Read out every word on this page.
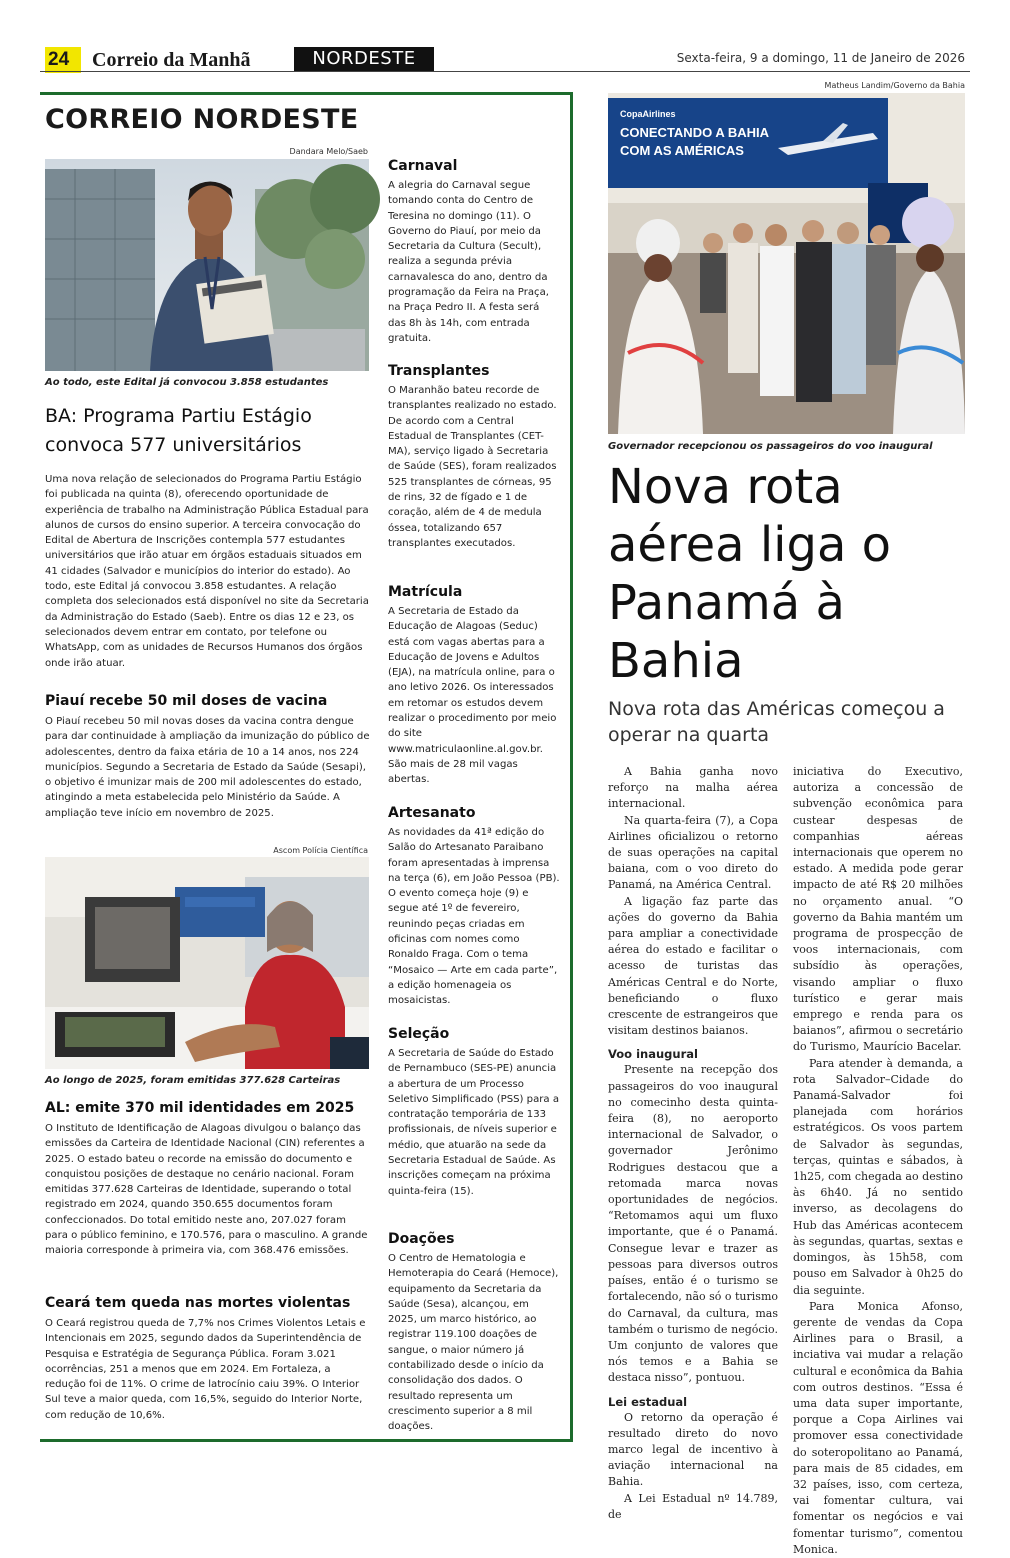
24	Correio da Manhã	NORDESTE	Sexta-feira, 9 a domingo, 11 de Janeiro de 2026
CORREIO NORDESTE
Dandara Melo/Saeb
Ao todo, este Edital já convocou 3.858 estudantes
BA: Programa Partiu Estágio convoca 577 universitários
Uma nova relação de selecionados do Programa Partiu Estágio foi publicada na quinta (8), oferecendo oportunidade de experiência de trabalho na Administração Pública Estadual para alunos de cursos do ensino superior. A terceira convocação do Edital de Abertura de Inscrições contempla 577 estudantes universitários que irão atuar em órgãos estaduais situados em 41 cidades (Salvador e municípios do interior do estado). Ao todo, este Edital já convocou 3.858 estudantes. A relação completa dos selecionados está disponível no site da Secretaria da Administração do Estado (Saeb). Entre os dias 12 e 23, os selecionados devem entrar em contato, por telefone ou WhatsApp, com as unidades de Recursos Humanos dos órgãos onde irão atuar.
Piauí recebe 50 mil doses de vacina
O Piauí recebeu 50 mil novas doses da vacina contra dengue para dar continuidade à ampliação da imunização do público de adolescentes, dentro da faixa etária de 10 a 14 anos, nos 224 municípios. Segundo a Secretaria de Estado da Saúde (Sesapi), o objetivo é imunizar mais de 200 mil adolescentes do estado, atingindo a meta estabelecida pelo Ministério da Saúde. A ampliação teve início em novembro de 2025.
Ascom Polícia Científica
Ao longo de 2025, foram emitidas 377.628 Carteiras
AL: emite 370 mil identidades em 2025
O Instituto de Identificação de Alagoas divulgou o balanço das emissões da Carteira de Identidade Nacional (CIN) referentes a 2025. O estado bateu o recorde na emissão do documento e conquistou posições de destaque no cenário nacional. Foram emitidas 377.628 Carteiras de Identidade, superando o total registrado em 2024, quando 350.655 documentos foram confeccionados. Do total emitido neste ano, 207.027 foram para o público feminino, e 170.576, para o masculino. A grande maioria corresponde à primeira via, com 368.476 emissões.
Ceará tem queda nas mortes violentas
O Ceará registrou queda de 7,7% nos Crimes Violentos Letais e Intencionais em 2025, segundo dados da Superintendência de Pesquisa e Estratégia de Segurança Pública. Foram 3.021 ocorrências, 251 a menos que em 2024. Em Fortaleza, a redução foi de 11%. O crime de latrocínio caiu 39%. O Interior Sul teve a maior queda, com 16,5%, seguido do Interior Norte, com redução de 10,6%.
Carnaval
A alegria do Carnaval segue tomando conta do Centro de Teresina no domingo (11). O Governo do Piauí, por meio da Secretaria da Cultura (Secult), realiza a segunda prévia carnavalesca do ano, dentro da programação da Feira na Praça, na Praça Pedro II. A festa será das 8h às 14h, com entrada gratuita.
Transplantes
O Maranhão bateu recorde de transplantes realizado no estado. De acordo com a Central Estadual de Transplantes (CET-MA), serviço ligado à Secretaria de Saúde (SES), foram realizados 525 transplantes de córneas, 95 de rins, 32 de fígado e 1 de coração, além de 4 de medula óssea, totalizando 657 transplantes executados.
Matrícula
A Secretaria de Estado da Educação de Alagoas (Seduc) está com vagas abertas para a Educação de Jovens e Adultos (EJA), na matrícula online, para o ano letivo 2026. Os interessados em retomar os estudos devem realizar o procedimento por meio do site www.matriculaonline.al.gov.br. São mais de 28 mil vagas abertas.
Artesanato
As novidades da 41ª edição do Salão do Artesanato Paraibano foram apresentadas à imprensa na terça (6), em João Pessoa (PB). O evento começa hoje (9) e segue até 1º de fevereiro, reunindo peças criadas em oficinas com nomes como Ronaldo Fraga. Com o tema “Mosaico — Arte em cada parte”, a edição homenageia os mosaicistas.
Seleção
A Secretaria de Saúde do Estado de Pernambuco (SES-PE) anuncia a abertura de um Processo Seletivo Simplificado (PSS) para a contratação temporária de 133 profissionais, de níveis superior e médio, que atuarão na sede da Secretaria Estadual de Saúde. As inscrições começam na próxima quinta-feira (15).
Doações
O Centro de Hematologia e Hemoterapia do Ceará (Hemoce), equipamento da Secretaria da Saúde (Sesa), alcançou, em 2025, um marco histórico, ao registrar 119.100 doações de sangue, o maior número já contabilizado desde o início da consolidação dos dados. O resultado representa um crescimento superior a 8 mil doações.
Matheus Landim/Governo da Bahia
CopaAirlines
CONECTANDO A BAHIA
COM AS AMÉRICAS
Governador recepcionou os passageiros do voo inaugural
Nova rota aérea liga o Panamá à Bahia
Nova rota das Américas começou a operar na quarta

A Bahia ganha novo reforço na malha aérea internacional.

Na quarta-feira (7), a Copa Airlines oficializou o retorno de suas operações na capital baiana, com o voo direto do Panamá, na América Central.

A ligação faz parte das ações do governo da Bahia para ampliar a conectividade aérea do estado e facilitar o acesso de turistas das Américas Central e do Norte, beneficiando o fluxo crescente de estrangeiros que visitam destinos baianos.

Voo inaugural

Presente na recepção dos passageiros do voo inaugural no comecinho desta quinta-feira (8), no aeroporto internacional de Salvador, o governador Jerônimo Rodrigues destacou que a retomada marca novas oportunidades de negócios. “Retomamos aqui um fluxo importante, que é o Panamá. Consegue levar e trazer as pessoas para diversos outros países, então é o turismo se fortalecendo, não só o turismo do Carnaval, da cultura, mas também o turismo de negócio. Um conjunto de valores que nós temos e a Bahia se destaca nisso”, pontuou.

Lei estadual

O retorno da operação é resultado direto do novo marco legal de incentivo à aviação internacional na Bahia.

A Lei Estadual nº 14.789, de

iniciativa do Executivo, autoriza a concessão de subvenção econômica para custear despesas de companhias aéreas internacionais que operem no estado. A medida pode gerar impacto de até R$ 20 milhões no orçamento anual. “O governo da Bahia mantém um programa de prospecção de voos internacionais, com subsídio às operações, visando ampliar o fluxo turístico e gerar mais emprego e renda para os baianos”, afirmou o secretário do Turismo, Maurício Bacelar.

Para atender à demanda, a rota Salvador–Cidade do Panamá-Salvador foi planejada com horários estratégicos. Os voos partem de Salvador às segundas, terças, quintas e sábados, à 1h25, com chegada ao destino às 6h40. Já no sentido inverso, as decolagens do Hub das Américas acontecem às segundas, quartas, sextas e domingos, às 15h58, com pouso em Salvador à 0h25 do dia seguinte.

Para Monica Afonso, gerente de vendas da Copa Airlines para o Brasil, a inciativa vai mudar a relação cultural e econômica da Bahia com outros destinos. “Essa é uma data super importante, porque a Copa Airlines vai promover essa conectividade do soteropolitano ao Panamá, para mais de 85 cidades, em 32 países, isso, com certeza, vai fomentar cultura, vai fomentar os negócios e vai fomentar turismo”, comentou Monica.
